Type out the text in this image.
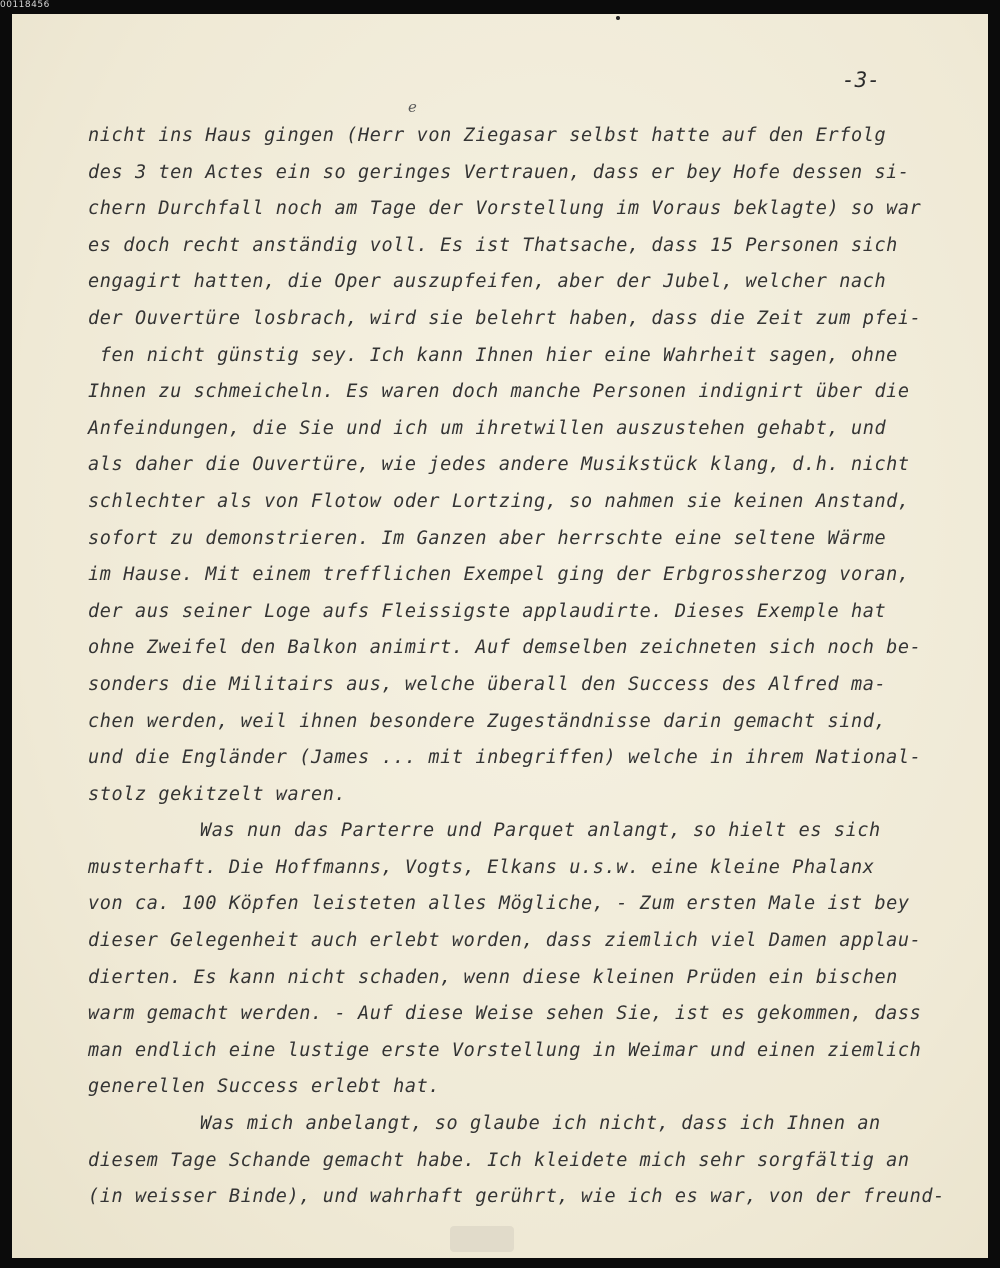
00118456
-3-
e
nicht ins Haus gingen (Herr von Ziegasar selbst hatte auf den Erfolg
des 3 ten Actes ein so geringes Vertrauen, dass er bey Hofe dessen si-
chern Durchfall noch am Tage der Vorstellung im Voraus beklagte) so war
es doch recht anständig voll. Es ist Thatsache, dass 15 Personen sich
engagirt hatten, die Oper auszupfeifen, aber der Jubel, welcher nach
der Ouvertüre losbrach, wird sie belehrt haben, dass die Zeit zum pfei-
fen nicht günstig sey. Ich kann Ihnen hier eine Wahrheit sagen, ohne
Ihnen zu schmeicheln. Es waren doch manche Personen indignirt über die
Anfeindungen, die Sie und ich um ihretwillen auszustehen gehabt, und
als daher die Ouvertüre, wie jedes andere Musikstück klang, d.h. nicht
schlechter als von Flotow oder Lortzing, so nahmen sie keinen Anstand,
sofort zu demonstrieren. Im Ganzen aber herrschte eine seltene Wärme
im Hause. Mit einem trefflichen Exempel ging der Erbgrossherzog voran,
der aus seiner Loge aufs Fleissigste applaudirte. Dieses Exemple hat
ohne Zweifel den Balkon animirt. Auf demselben zeichneten sich noch be-
sonders die Militairs aus, welche überall den Success des Alfred ma-
chen werden, weil ihnen besondere Zugeständnisse darin gemacht sind,
und die Engländer (James ... mit inbegriffen) welche in ihrem National-
stolz gekitzelt waren.
Was nun das Parterre und Parquet anlangt, so hielt es sich
musterhaft. Die Hoffmanns, Vogts, Elkans u.s.w. eine kleine Phalanx
von ca. 100 Köpfen leisteten alles Mögliche, - Zum ersten Male ist bey
dieser Gelegenheit auch erlebt worden, dass ziemlich viel Damen applau-
dierten. Es kann nicht schaden, wenn diese kleinen Prüden ein bischen
warm gemacht werden. - Auf diese Weise sehen Sie, ist es gekommen, dass
man endlich eine lustige erste Vorstellung in Weimar und einen ziemlich
generellen Success erlebt hat.
Was mich anbelangt, so glaube ich nicht, dass ich Ihnen an
diesem Tage Schande gemacht habe. Ich kleidete mich sehr sorgfältig an
(in weisser Binde), und wahrhaft gerührt, wie ich es war, von der freund-
